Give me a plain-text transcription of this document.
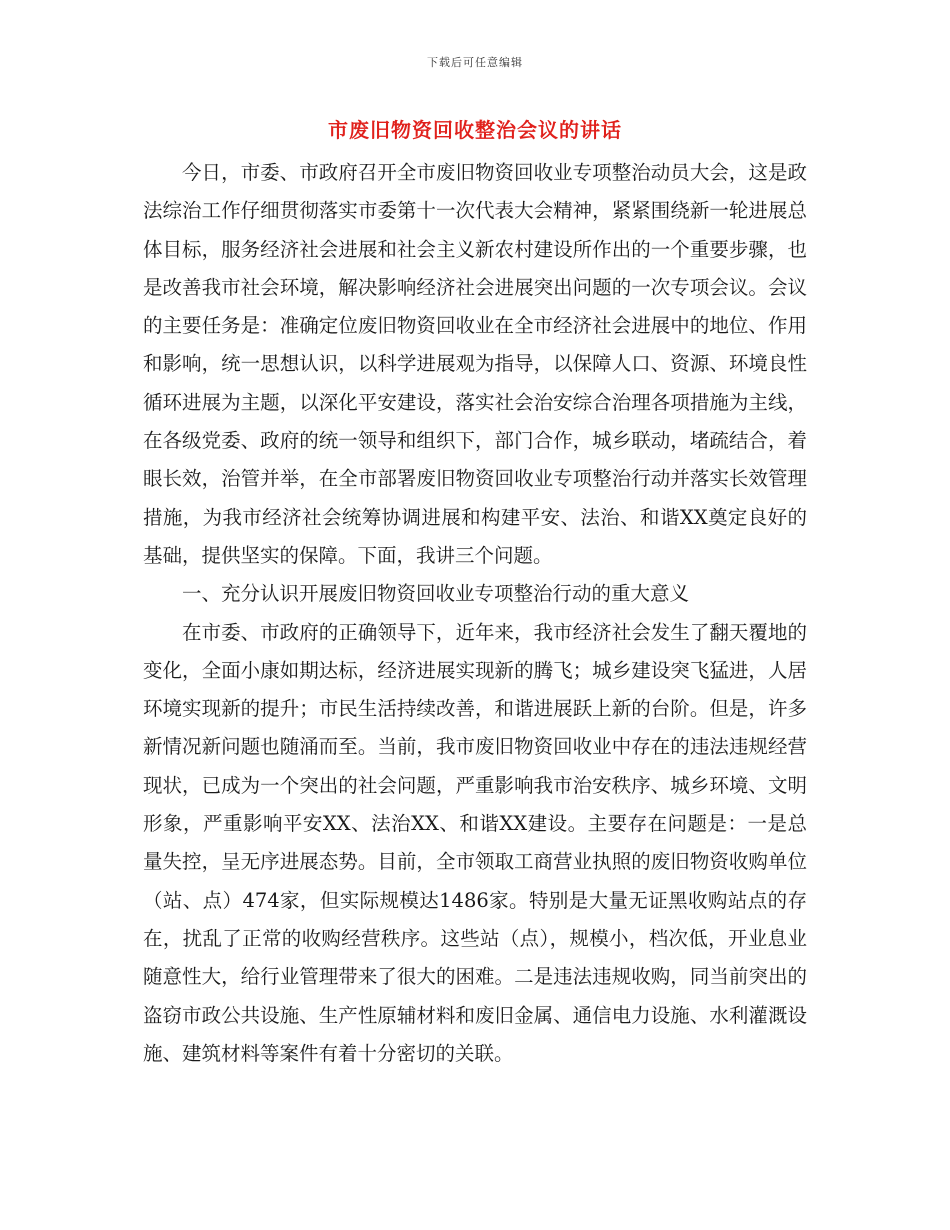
下载后可任意编辑
市废旧物资回收整治会议的讲话

今日，市委、市政府召开全市废旧物资回收业专项整治动员大会，这是政法综治工作仔细贯彻落实市委第十一次代表大会精神，紧紧围绕新一轮进展总体目标，服务经济社会进展和社会主义新农村建设所作出的一个重要步骤，也是改善我市社会环境，解决影响经济社会进展突出问题的一次专项会议。会议的主要任务是：准确定位废旧物资回收业在全市经济社会进展中的地位、作用和影响，统一思想认识，以科学进展观为指导，以保障人口、资源、环境良性循环进展为主题，以深化平安建设，落实社会治安综合治理各项措施为主线，在各级党委、政府的统一领导和组织下，部门合作，城乡联动，堵疏结合，着眼长效，治管并举，在全市部署废旧物资回收业专项整治行动并落实长效管理措施，为我市经济社会统筹协调进展和构建平安、法治、和谐XX奠定良好的基础，提供坚实的保障。下面，我讲三个问题。

一、充分认识开展废旧物资回收业专项整治行动的重大意义

在市委、市政府的正确领导下，近年来，我市经济社会发生了翻天覆地的变化，全面小康如期达标，经济进展实现新的腾飞；城乡建设突飞猛进，人居环境实现新的提升；市民生活持续改善，和谐进展跃上新的台阶。但是，许多新情况新问题也随涌而至。当前，我市废旧物资回收业中存在的违法违规经营现状，已成为一个突出的社会问题，严重影响我市治安秩序、城乡环境、文明形象，严重影响平安XX、法治XX、和谐XX建设。主要存在问题是：一是总量失控，呈无序进展态势。目前，全市领取工商营业执照的废旧物资收购单位（站、点）474家，但实际规模达1486家。特别是大量无证黑收购站点的存在，扰乱了正常的收购经营秩序。这些站（点），规模小，档次低，开业息业随意性大，给行业管理带来了很大的困难。二是违法违规收购，同当前突出的盗窃市政公共设施、生产性原辅材料和废旧金属、通信电力设施、水利灌溉设施、建筑材料等案件有着十分密切的关联。
